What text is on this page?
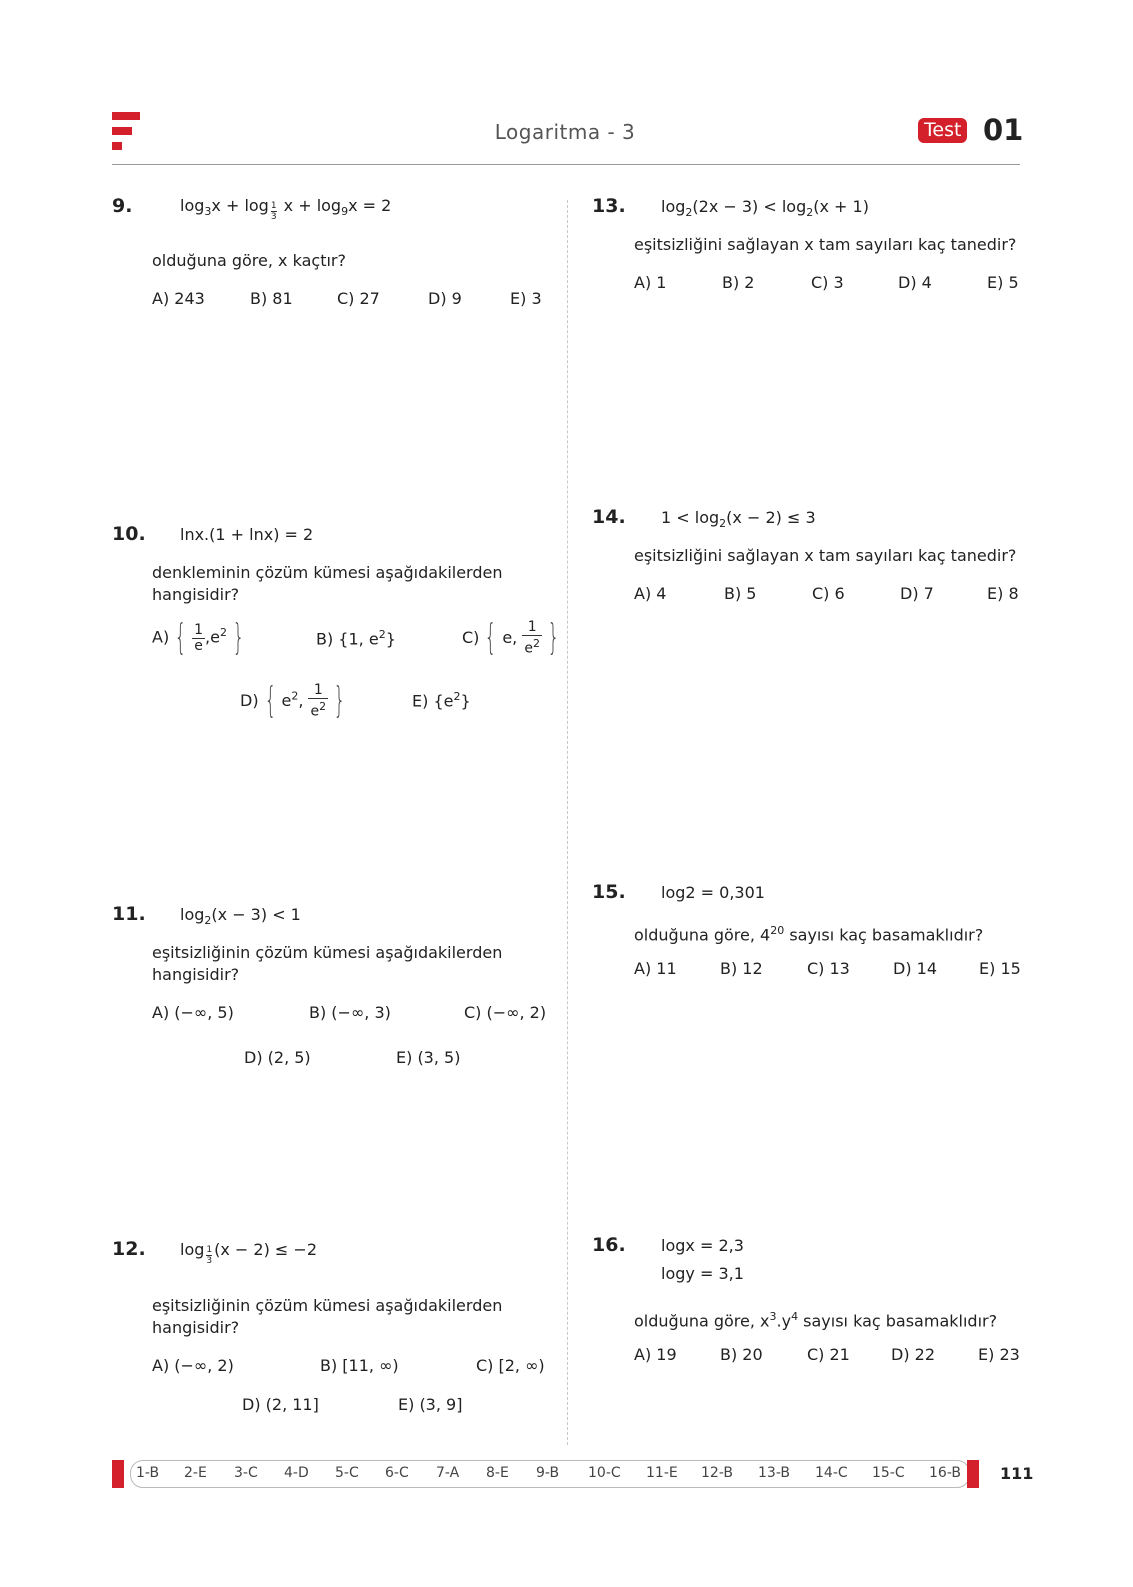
Logaritma - 3	Test 01
9.	$\log_3x + \log \frac{1}{3}$ $x + \log_9x = 2$
olduğuna göre, x kaçtır?
A) 243	B) 81	C) 27	D) 9	E) 3
10. lnx.(1 + lnx) = 2
denkleminin çözüm kümesi aşağıdakilerden
hangisidir?
A) { $\frac{1}{e} ,e^2$ }	B) {1, $e^2$}	C) { e, $\frac{1}{e^2}$ }
D) { $e^2$, $\frac{1}{e^2}$ }	E) $\{e^2\}$
11. $\log_2(x - 3) < 1$
eşitsizliğinin çözüm kümesi aşağıdakilerden
hangisidir?
A) (−∞, 5)	B) (−∞, 3)	C) (−∞, 2)
D) (2, 5)	E) (3, 5)
12. $\log \frac{1}{3} (x - 2) \le -2$
eşitsizliğinin çözüm kümesi aşağıdakilerden
hangisidir?
A) (−∞, 2)	B) [11, ∞)	C) [2, ∞)
D) (2, 11]	E) (3, 9]
13. $\log_2(2x - 3) < \log_2(x + 1)$
eşitsizliğini sağlayan x tam sayıları kaç tanedir?
A) 1	B) 2	C) 3	D) 4	E) 5
14. $1 < \log_2(x - 2) \le 3$
eşitsizliğini sağlayan x tam sayıları kaç tanedir?
A) 4	B) 5	C) 6	D) 7	E) 8
15. log2 = 0,301
olduğuna göre, $4^{20}$ sayısı kaç basamaklıdır?
A) 11	B) 12	C) 13	D) 14	E) 15
16. logx = 2,3
logy = 3,1
olduğuna göre, $x^3.y^4$ sayısı kaç basamaklıdır?
A) 19	B) 20	C) 21	D) 22	E) 23
1-B 2-E 3-C 4-D 5-C 6-C 7-A 8-E 9-B 10-C 11-E 12-B 13-B 14-C 15-C 16-B 111
